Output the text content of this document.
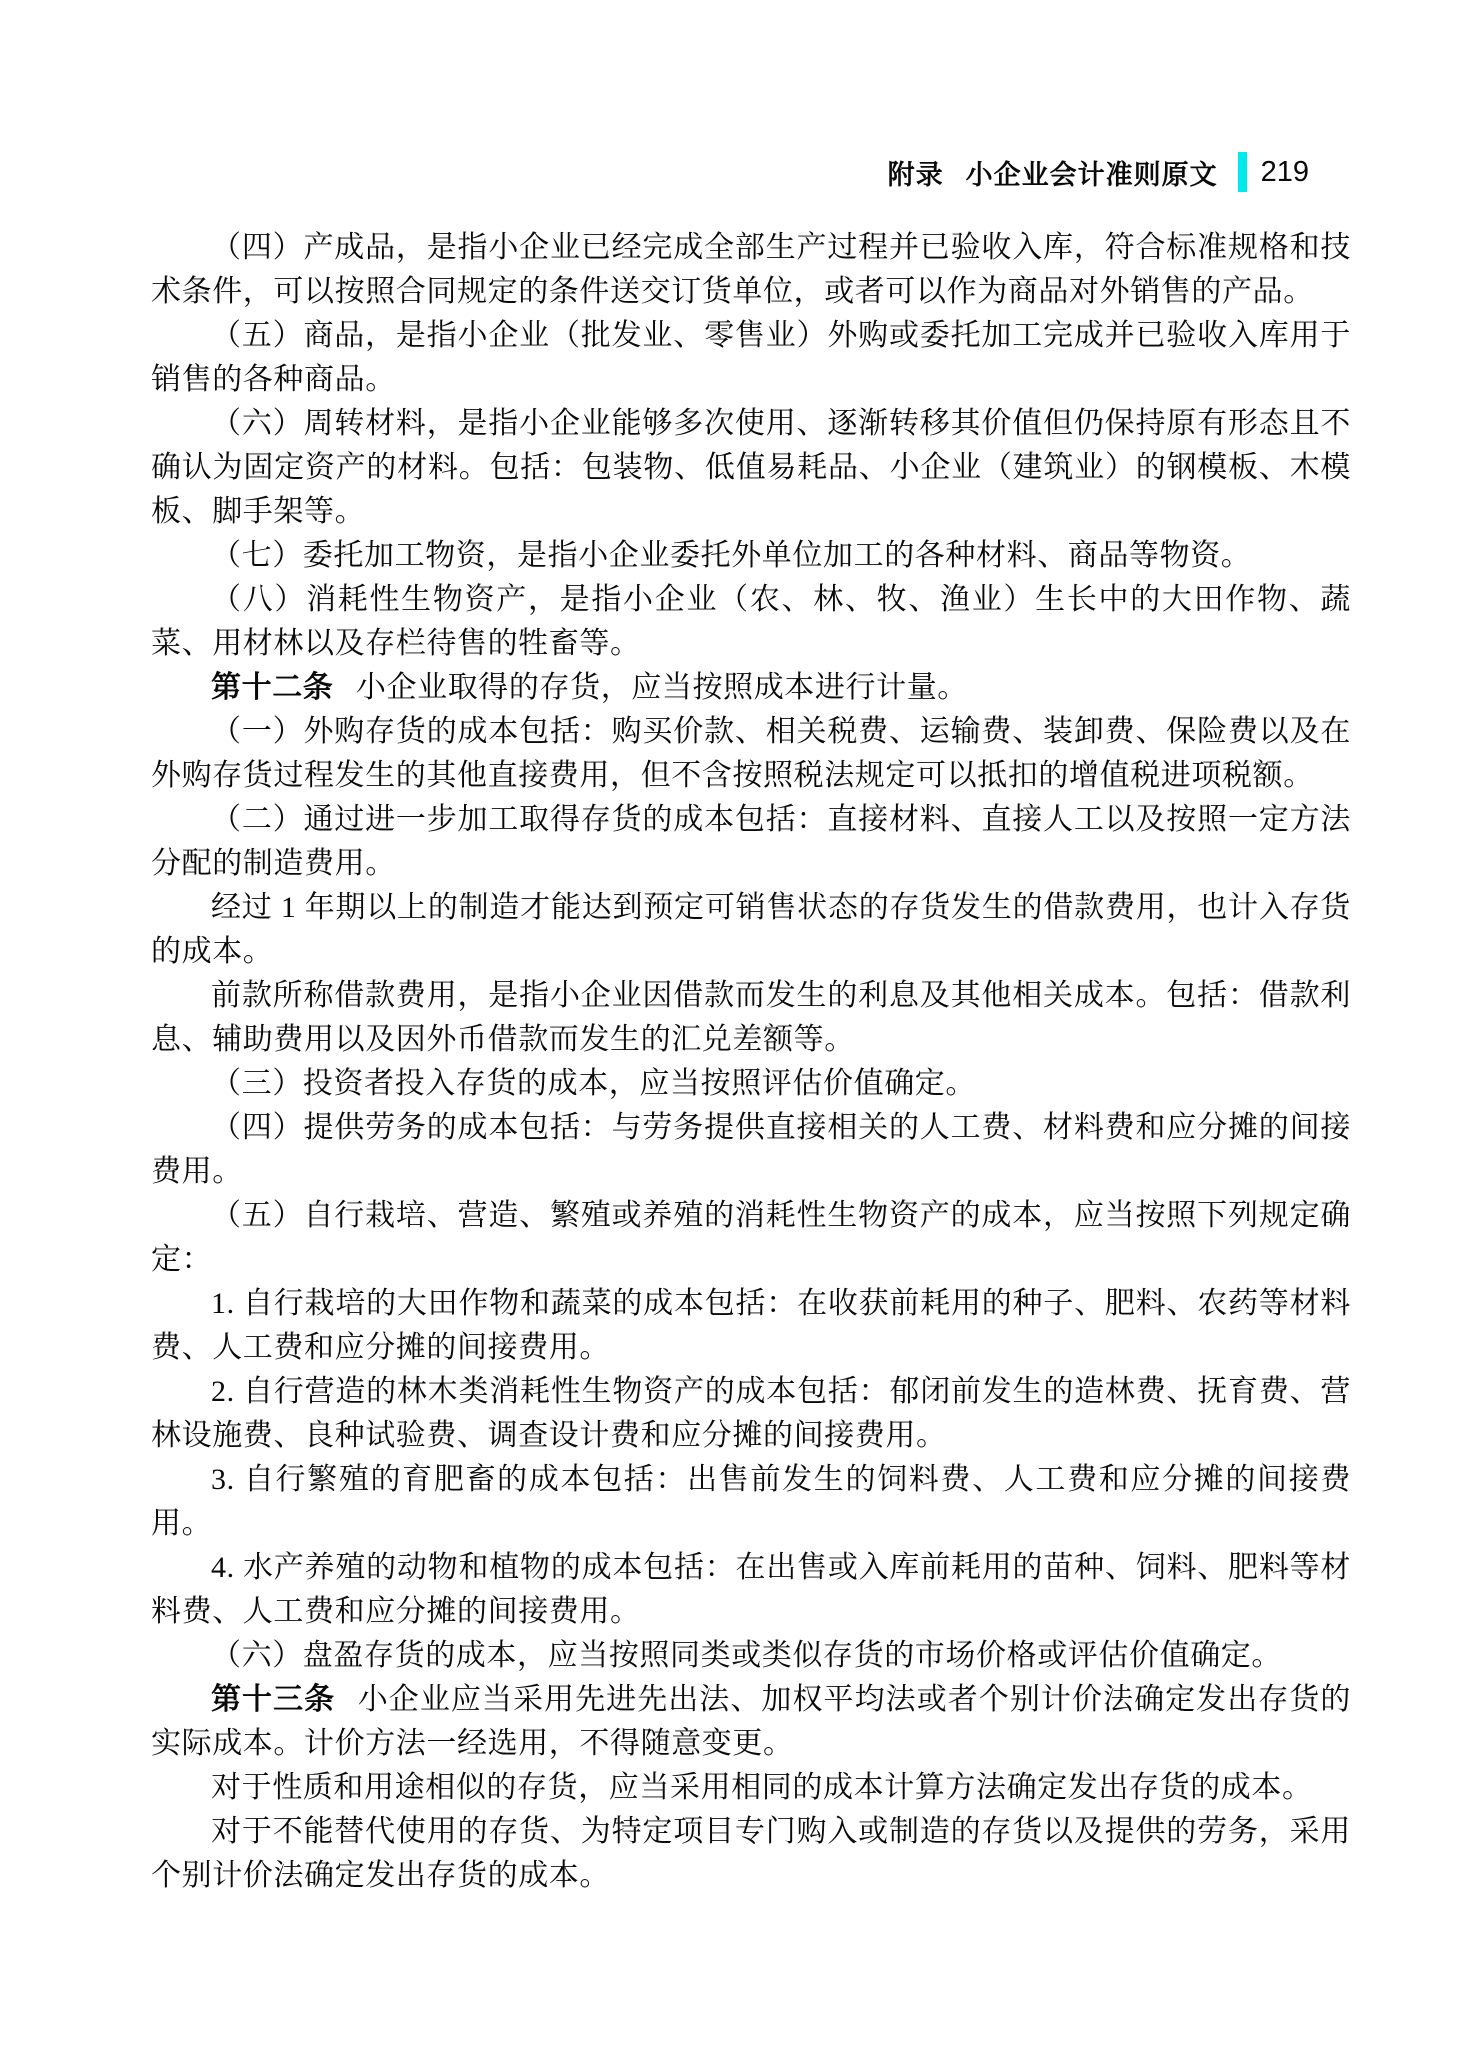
附录 小企业会计准则原文 219

（四）产成品，是指小企业已经完成全部生产过程并已验收入库，符合标准规格和技术条件，可以按照合同规定的条件送交订货单位，或者可以作为商品对外销售的产品。

（五）商品，是指小企业（批发业、零售业）外购或委托加工完成并已验收入库用于销售的各种商品。

（六）周转材料，是指小企业能够多次使用、逐渐转移其价值但仍保持原有形态且不确认为固定资产的材料。包括：包装物、低值易耗品、小企业（建筑业）的钢模板、木模板、脚手架等。

（七）委托加工物资，是指小企业委托外单位加工的各种材料、商品等物资。

（八）消耗性生物资产，是指小企业（农、林、牧、渔业）生长中的大田作物、蔬菜、用材林以及存栏待售的牲畜等。

第十二条 小企业取得的存货，应当按照成本进行计量。

（一）外购存货的成本包括：购买价款、相关税费、运输费、装卸费、保险费以及在外购存货过程发生的其他直接费用，但不含按照税法规定可以抵扣的增值税进项税额。

（二）通过进一步加工取得存货的成本包括：直接材料、直接人工以及按照一定方法分配的制造费用。

经过 1 年期以上的制造才能达到预定可销售状态的存货发生的借款费用，也计入存货的成本。

前款所称借款费用，是指小企业因借款而发生的利息及其他相关成本。包括：借款利息、辅助费用以及因外币借款而发生的汇兑差额等。

（三）投资者投入存货的成本，应当按照评估价值确定。

（四）提供劳务的成本包括：与劳务提供直接相关的人工费、材料费和应分摊的间接费用。

（五）自行栽培、营造、繁殖或养殖的消耗性生物资产的成本，应当按照下列规定确定：

1. 自行栽培的大田作物和蔬菜的成本包括：在收获前耗用的种子、肥料、农药等材料费、人工费和应分摊的间接费用。

2. 自行营造的林木类消耗性生物资产的成本包括：郁闭前发生的造林费、抚育费、营林设施费、良种试验费、调查设计费和应分摊的间接费用。

3. 自行繁殖的育肥畜的成本包括：出售前发生的饲料费、人工费和应分摊的间接费用。

4. 水产养殖的动物和植物的成本包括：在出售或入库前耗用的苗种、饲料、肥料等材料费、人工费和应分摊的间接费用。

（六）盘盈存货的成本，应当按照同类或类似存货的市场价格或评估价值确定。

第十三条 小企业应当采用先进先出法、加权平均法或者个别计价法确定发出存货的实际成本。计价方法一经选用，不得随意变更。

对于性质和用途相似的存货，应当采用相同的成本计算方法确定发出存货的成本。

对于不能替代使用的存货、为特定项目专门购入或制造的存货以及提供的劳务，采用个别计价法确定发出存货的成本。
